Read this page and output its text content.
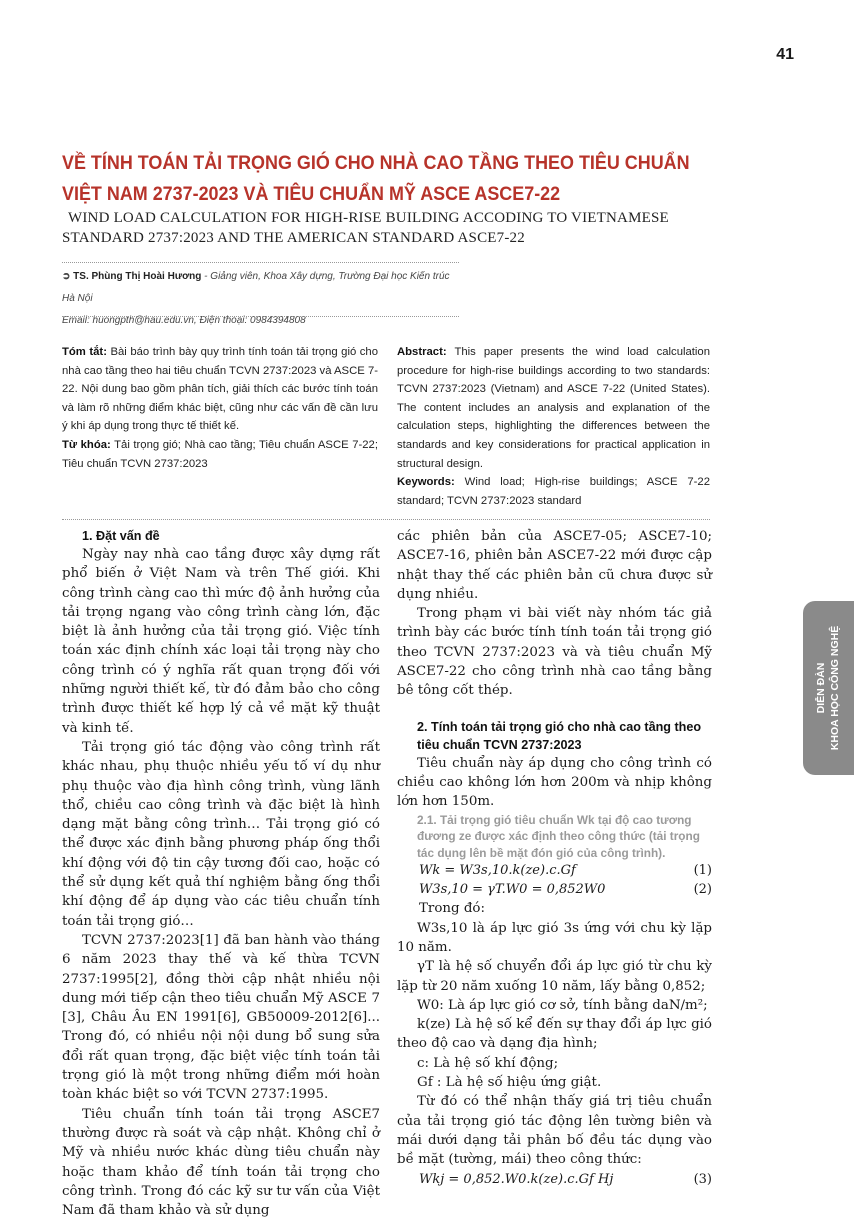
41
VỀ TÍNH TOÁN TẢI TRỌNG GIÓ CHO NHÀ CAO TẦNG THEO TIÊU CHUẨN VIỆT NAM 2737-2023 VÀ TIÊU CHUẨN MỸ ASCE ASCE7-22
WIND LOAD CALCULATION FOR HIGH-RISE BUILDING ACCODING TO VIETNAMESE
STANDARD 2737:2023 AND THE AMERICAN STANDARD ASCE7-22
➲ TS. Phùng Thị Hoài Hương - Giảng viên, Khoa Xây dựng, Trường Đại học Kiến trúc Hà Nội
Email: huongpth@hau.edu.vn, Điện thoại: 0984394808

Tóm tắt: Bài báo trình bày quy trình tính toán tải trọng gió cho nhà cao tầng theo hai tiêu chuẩn TCVN 2737:2023 và ASCE 7-22. Nội dung bao gồm phân tích, giải thích các bước tính toán và làm rõ những điểm khác biệt, cũng như các vấn đề cần lưu ý khi áp dụng trong thực tế thiết kế.

Từ khóa: Tải trọng gió; Nhà cao tầng; Tiêu chuẩn ASCE 7-22; Tiêu chuẩn TCVN 2737:2023

Abstract: This paper presents the wind load calculation procedure for high-rise buildings according to two standards: TCVN 2737:2023 (Vietnam) and ASCE 7-22 (United States). The content includes an analysis and explanation of the calculation steps, highlighting the differences between the standards and key considerations for practical application in structural design.

Keywords: Wind load; High-rise buildings; ASCE 7-22 standard; TCVN 2737:2023 standard

1. Đặt vấn đề

Ngày nay nhà cao tầng được xây dựng rất phổ biến ở Việt Nam và trên Thế giới. Khi công trình càng cao thì mức độ ảnh hưởng của tải trọng ngang vào công trình càng lớn, đặc biệt là ảnh hưởng của tải trọng gió. Việc tính toán xác định chính xác loại tải trọng này cho công trình có ý nghĩa rất quan trọng đối với những người thiết kế, từ đó đảm bảo cho công trình được thiết kế hợp lý cả về mặt kỹ thuật và kinh tế.

Tải trọng gió tác động vào công trình rất khác nhau, phụ thuộc nhiều yếu tố ví dụ như phụ thuộc vào địa hình công trình, vùng lãnh thổ, chiều cao công trình và đặc biệt là hình dạng mặt bằng công trình… Tải trọng gió có thể được xác định bằng phương pháp ống thổi khí động với độ tin cậy tương đối cao, hoặc có thể sử dụng kết quả thí nghiệm bằng ống thổi khí động để áp dụng vào các tiêu chuẩn tính toán tải trọng gió…

TCVN 2737:2023[1] đã ban hành vào tháng 6 năm 2023 thay thế và kế thừa TCVN 2737:1995[2], đồng thời cập nhật nhiều nội dung mới tiếp cận theo tiêu chuẩn Mỹ ASCE 7 [3], Châu Âu EN 1991[6], GB50009-2012[6]... Trong đó, có nhiều nội nội dung bổ sung sửa đổi rất quan trọng, đặc biệt việc tính toán tải trọng gió là một trong những điểm mới hoàn toàn khác biệt so với TCVN 2737:1995.

Tiêu chuẩn tính toán tải trọng ASCE7 thường được rà soát và cập nhật. Không chỉ ở Mỹ và nhiều nước khác dùng tiêu chuẩn này hoặc tham khảo để tính toán tải trọng cho công trình. Trong đó các kỹ sư tư vấn của Việt Nam đã tham khảo và sử dụng

các phiên bản của ASCE7-05; ASCE7-10; ASCE7-16, phiên bản ASCE7-22 mới được cập nhật thay thế các phiên bản cũ chưa được sử dụng nhiều.

Trong phạm vi bài viết này nhóm tác giả trình bày các bước tính tính toán tải trọng gió theo TCVN 2737:2023 và và tiêu chuẩn Mỹ ASCE7-22 cho công trình nhà cao tầng bằng bê tông cốt thép.

2. Tính toán tải trọng gió cho nhà cao tầng theo tiêu chuẩn TCVN 2737:2023

Tiêu chuẩn này áp dụng cho công trình có chiều cao không lớn hơn 200m và nhịp không lớn hơn 150m.

2.1. Tải trọng gió tiêu chuẩn Wk tại độ cao tương đương ze được xác định theo công thức (tải trọng tác dụng lên bề mặt đón gió của công trình).
Wk = W3s,10.k(ze).c.Gf	(1)
W3s,10 = γT.W0 = 0,852W0	(2)
Trong đó:

W3s,10 là áp lực gió 3s ứng với chu kỳ lặp 10 năm.

γT là hệ số chuyển đổi áp lực gió từ chu kỳ lặp từ 20 năm xuống 10 năm, lấy bằng 0,852;

W0: Là áp lực gió cơ sở, tính bằng daN/m²;

k(ze) Là hệ số kể đến sự thay đổi áp lực gió theo độ cao và dạng địa hình;

c: Là hệ số khí động;

Gf : Là hệ số hiệu ứng giật.

Từ đó có thể nhận thấy giá trị tiêu chuẩn của tải trọng gió tác động lên tường biên và mái dưới dạng tải phân bố đều tác dụng vào bề mặt (tường, mái) theo công thức:

Wkj = 0,852.W0.k(ze).c.Gf Hj	(3)
DIỄN ĐÀN KHOA HỌC CÔNG NGHỆ
